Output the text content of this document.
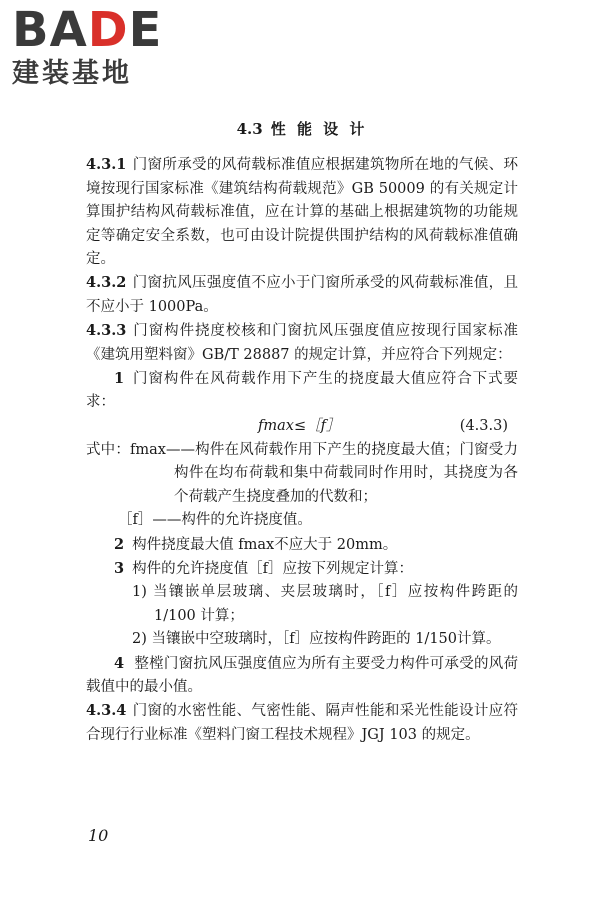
BADE
建装基地
4.3 性 能 设 计

4.3.1 门窗所承受的风荷载标准值应根据建筑物所在地的气候、环境按现行国家标准《建筑结构荷载规范》GB 50009 的有关规定计算围护结构风荷载标准值，应在计算的基础上根据建筑物的功能规定等确定安全系数，也可由设计院提供围护结构的风荷载标准值确定。

4.3.2 门窗抗风压强度值不应小于门窗所承受的风荷载标准值，且不应小于 1000Pa。

4.3.3 门窗构件挠度校核和门窗抗风压强度值应按现行国家标准《建筑用塑料窗》GB/T 28887 的规定计算，并应符合下列规定：

1 门窗构件在风荷载作用下产生的挠度最大值应符合下式要求：

fmax≤［f］	(4.3.3)

式中：fmax——构件在风荷载作用下产生的挠度最大值；门窗受力构件在均布荷载和集中荷载同时作用时，其挠度为各个荷载产生挠度叠加的代数和；

［f］——构件的允许挠度值。

2 构件挠度最大值 fmax不应大于 20mm。

3 构件的允许挠度值［f］应按下列规定计算：

1) 当镶嵌单层玻璃、夹层玻璃时，［f］应按构件跨距的1/100 计算；

2) 当镶嵌中空玻璃时，［f］应按构件跨距的 1/150计算。

4 整樘门窗抗风压强度值应为所有主要受力构件可承受的风荷载值中的最小值。

4.3.4 门窗的水密性能、气密性能、隔声性能和采光性能设计应符合现行行业标准《塑料门窗工程技术规程》JGJ 103 的规定。

10
